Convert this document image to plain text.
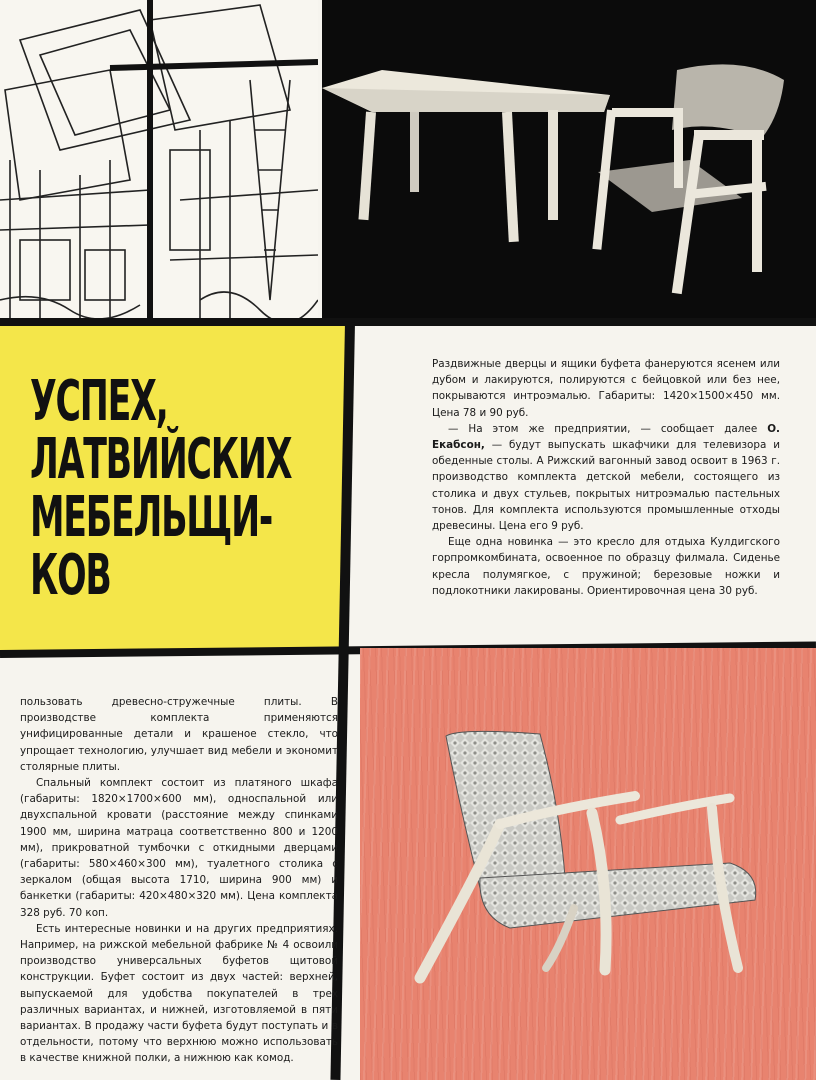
УСПЕХ,
ЛАТВИЙСКИХ
МЕБЕЛЬЩИ-
КОВ

Раздвижные дверцы и ящики буфета фанеруются ясенем или дубом и лакируются, полируются с бейцовкой или без нее, покрываются интроэмалью. Габариты: 1420×1500×450 мм. Цена 78 и 90 руб.

— На этом же предприятии, — сообщает далее О. Екабсон, — будут выпускать шкафчики для телевизора и обеденные столы. А Рижский вагонный завод освоит в 1963 г. производство комплекта детской мебели, состоящего из столика и двух стульев, покрытых нитроэмалью пастельных тонов. Для комплекта используются промышленные отходы древесины. Цена его 9 руб.

Еще одна новинка — это кресло для отдыха Кулдигского горпромкомбината, освоенное по образцу филмала. Сиденье кресла полумягкое, с пружиной; березовые ножки и подлокотники лакированы. Ориентировочная цена 30 руб.

пользовать древесно-стружечные плиты. В производстве комплекта применяются унифицированные детали и крашеное стекло, что упрощает технологию, улучшает вид мебели и экономит столярные плиты.

Спальный комплект состоит из платяного шкафа (габариты: 1820×1700×600 мм), односпальной или двухспальной кровати (расстояние между спинками 1900 мм, ширина матраца соответственно 800 и 1200 мм), прикроватной тумбочки с откидными дверцами (габариты: 580×460×300 мм), туалетного столика с зеркалом (общая высота 1710, ширина 900 мм) и банкетки (габариты: 420×480×320 мм). Цена комплекта 328 руб. 70 коп.

Есть интересные новинки и на других предприятиях. Например, на рижской мебельной фабрике № 4 освоили производство универсальных буфетов щитовой конструкции. Буфет состоит из двух частей: верхней, выпускаемой для удобства покупателей в трех различных вариантах, и нижней, изготовляемой в пяти вариантах. В продажу части буфета будут поступать и в отдельности, потому что верхнюю можно использовать в качестве книжной полки, а нижнюю как комод.
